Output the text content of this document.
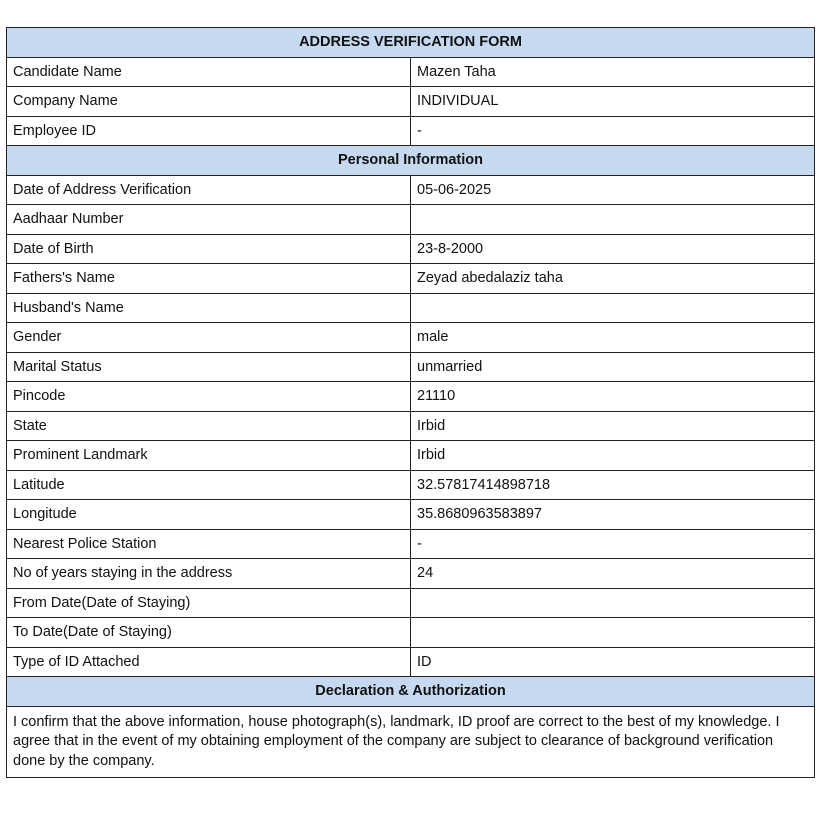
ADDRESS VERIFICATION FORM	
Candidate Name	Mazen Taha
Company Name	INDIVIDUAL
Employee ID	-
Personal Information	
Date of Address Verification	05-06-2025
Aadhaar Number	
Date of Birth	23-8-2000
Fathers's Name	Zeyad abedalaziz taha
Husband's Name	
Gender	male
Marital Status	unmarried
Pincode	21110
State	Irbid
Prominent Landmark	Irbid
Latitude	32.57817414898718
Longitude	35.8680963583897
Nearest Police Station	-
No of years staying in the address	24
From Date(Date of Staying)	
To Date(Date of Staying)	
Type of ID Attached	ID
Declaration & Authorization	
I confirm that the above information, house photograph(s), landmark, ID proof are correct to the best of my knowledge. I agree that in the event of my obtaining employment of the company are subject to clearance of background verification done by the company.	
